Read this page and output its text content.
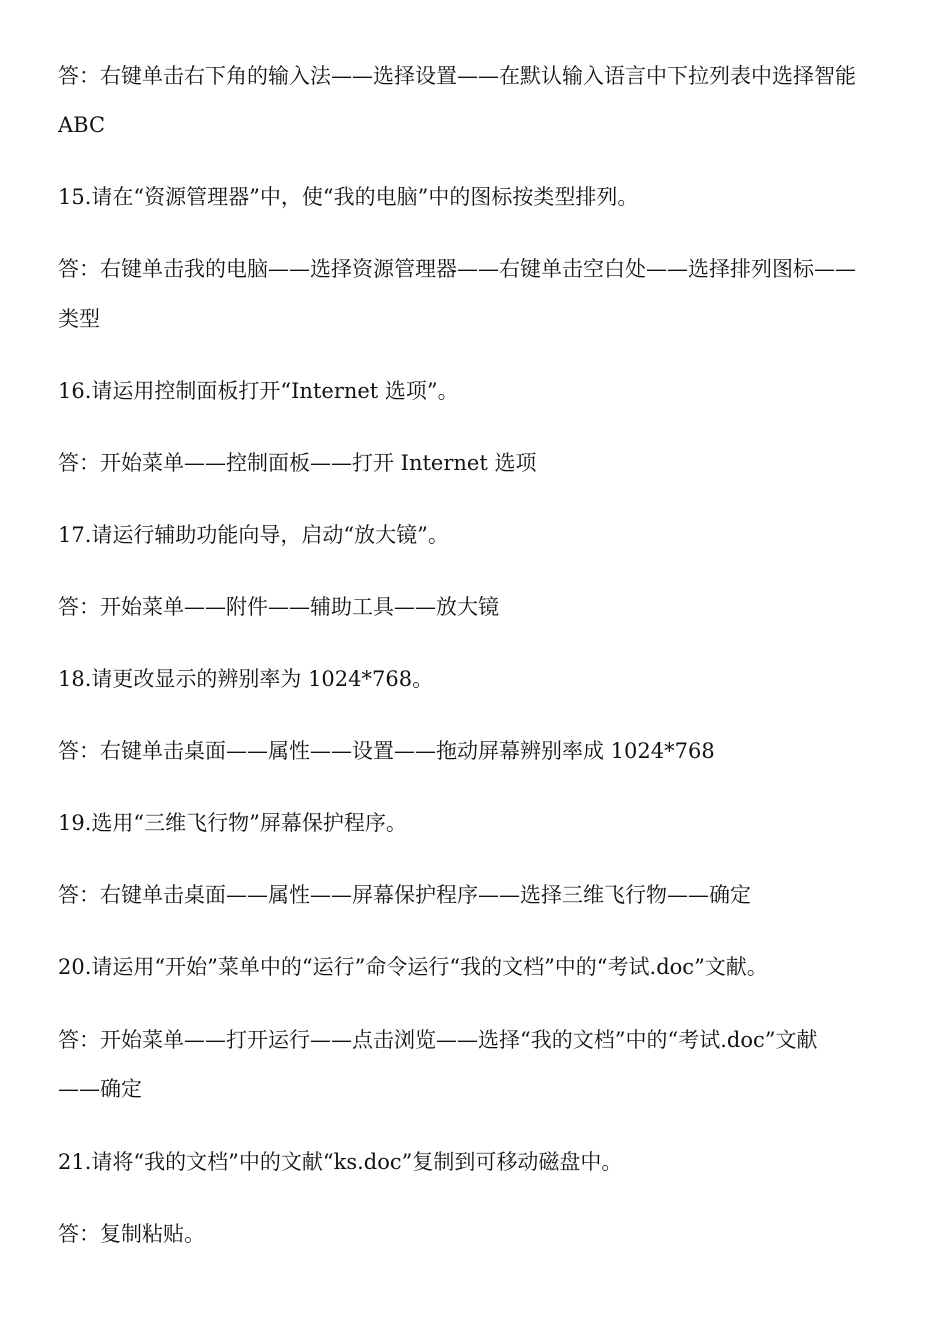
答：右键单击右下角的输入法——选择设置——在默认输入语言中下拉列表中选择智能
ABC
15.请在“资源管理器”中，使“我的电脑”中的图标按类型排列。
答：右键单击我的电脑——选择资源管理器——右键单击空白处——选择排列图标——
类型
16.请运用控制面板打开“Internet 选项”。
答：开始菜单——控制面板——打开 Internet 选项
17.请运行辅助功能向导，启动“放大镜”。
答：开始菜单——附件——辅助工具——放大镜
18.请更改显示的辨别率为 1024*768。
答：右键单击桌面——属性——设置——拖动屏幕辨别率成 1024*768
19.选用“三维飞行物”屏幕保护程序。
答：右键单击桌面——属性——屏幕保护程序——选择三维飞行物——确定
20.请运用“开始”菜单中的“运行”命令运行“我的文档”中的“考试.doc”文献。
答：开始菜单——打开运行——点击浏览——选择“我的文档”中的“考试.doc”文献
——确定
21.请将“我的文档”中的文献“ks.doc”复制到可移动磁盘中。
答：复制粘贴。
